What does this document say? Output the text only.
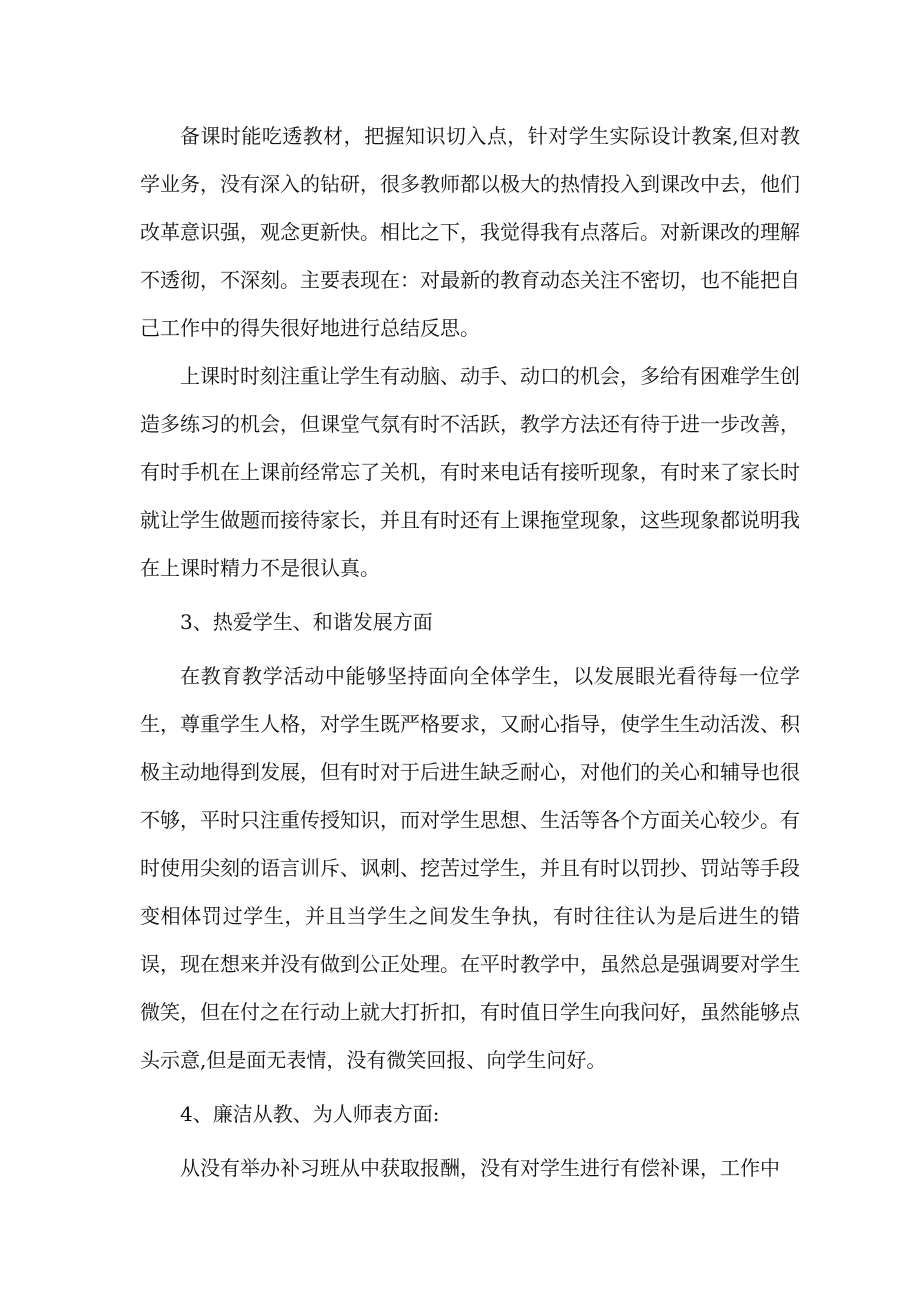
备课时能吃透教材，把握知识切入点，针对学生实际设计教案,但对教学业务，没有深入的钻研，很多教师都以极大的热情投入到课改中去，他们改革意识强，观念更新快。相比之下，我觉得我有点落后。对新课改的理解不透彻，不深刻。主要表现在：对最新的教育动态关注不密切，也不能把自己工作中的得失很好地进行总结反思。

上课时时刻注重让学生有动脑、动手、动口的机会，多给有困难学生创造多练习的机会，但课堂气氛有时不活跃，教学方法还有待于进一步改善，有时手机在上课前经常忘了关机，有时来电话有接听现象，有时来了家长时就让学生做题而接待家长，并且有时还有上课拖堂现象，这些现象都说明我在上课时精力不是很认真。

3、热爱学生、和谐发展方面

在教育教学活动中能够坚持面向全体学生，以发展眼光看待每一位学生，尊重学生人格，对学生既严格要求，又耐心指导，使学生生动活泼、积极主动地得到发展，但有时对于后进生缺乏耐心，对他们的关心和辅导也很不够，平时只注重传授知识，而对学生思想、生活等各个方面关心较少。有时使用尖刻的语言训斥、讽刺、挖苦过学生，并且有时以罚抄、罚站等手段变相体罚过学生，并且当学生之间发生争执，有时往往认为是后进生的错误，现在想来并没有做到公正处理。在平时教学中，虽然总是强调要对学生微笑，但在付之在行动上就大打折扣，有时值日学生向我问好，虽然能够点头示意,但是面无表情，没有微笑回报、向学生问好。

4、廉洁从教、为人师表方面:

从没有举办补习班从中获取报酬，没有对学生进行有偿补课，工作中
